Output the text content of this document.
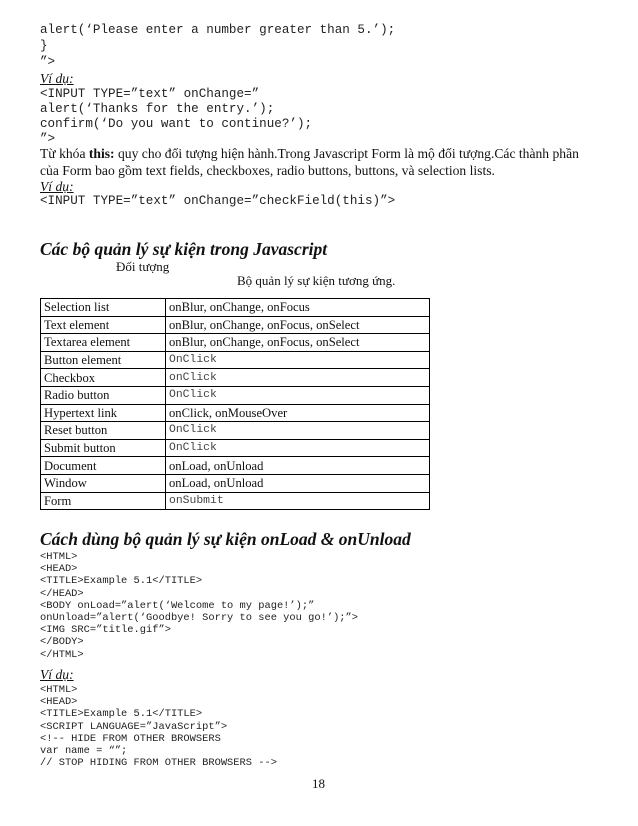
alert(‘Please enter a number greater than 5.’);
}
”>
Ví dụ:
<INPUT TYPE=”text” onChange=”
alert(‘Thanks for the entry.’);
confirm(‘Do you want to continue?’);
”>
Từ khóa this: quy cho đối tượng hiện hành.Trong Javascript Form là mộ đối tượng.Các thành phần của Form bao gồm text fields, checkboxes, radio buttons, buttons, và selection lists.
Ví dụ:
<INPUT TYPE=”text” onChange=”checkField(this)”>
Các bộ quản lý sự kiện trong Javascript
Đối tượng
Bộ quản lý sự kiện tương ứng.
Selection list	onBlur, onChange, onFocus
Text element	onBlur, onChange, onFocus, onSelect
Textarea element	onBlur, onChange, onFocus, onSelect
Button element	OnClick
Checkbox	onClick
Radio button	OnClick
Hypertext link	onClick, onMouseOver
Reset button	OnClick
Submit button	OnClick
Document	onLoad, onUnload
Window	onLoad, onUnload
Form	onSubmit
Cách dùng bộ quản lý sự kiện onLoad & onUnload
<HTML>
<HEAD>
<TITLE>Example 5.1</TITLE>
</HEAD>
<BODY onLoad=”alert(‘Welcome to my page!’);”
onUnload=”alert(‘Goodbye! Sorry to see you go!’);”>
<IMG SRC=”title.gif”>
</BODY>
</HTML>
Ví dụ:
<HTML>
<HEAD>
<TITLE>Example 5.1</TITLE>
<SCRIPT LANGUAGE=”JavaScript”>
<!-- HIDE FROM OTHER BROWSERS
var name = “”;
// STOP HIDING FROM OTHER BROWSERS -->
18
